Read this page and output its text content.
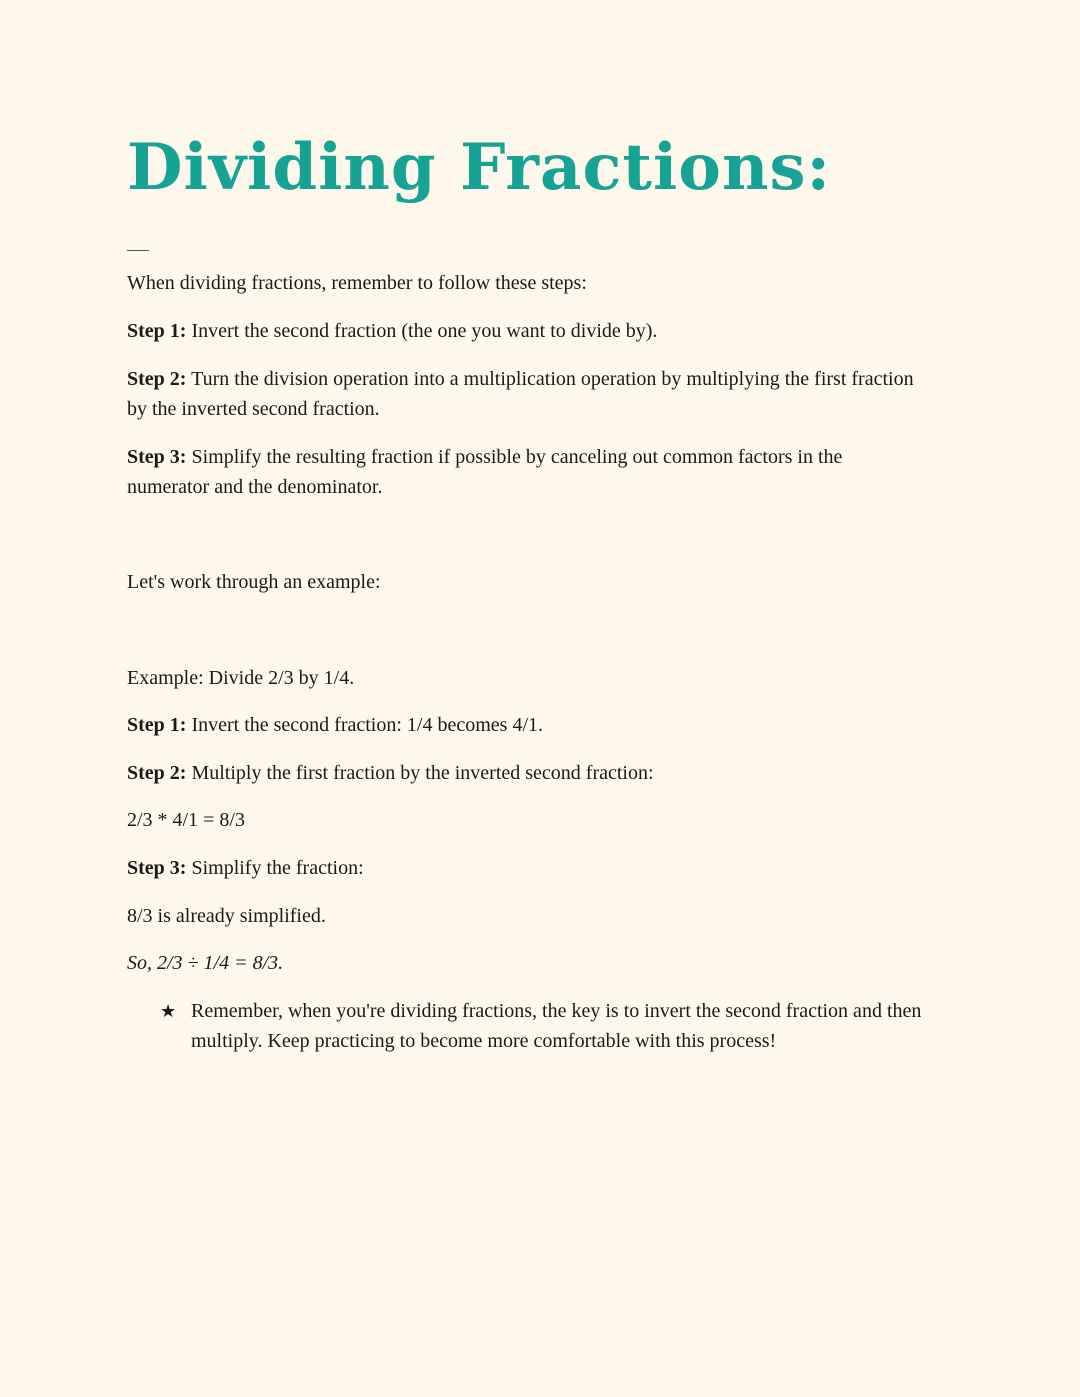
Dividing Fractions:

When dividing fractions, remember to follow these steps:

Step 1: Invert the second fraction (the one you want to divide by).

Step 2: Turn the division operation into a multiplication operation by multiplying the first fraction by the inverted second fraction.

Step 3: Simplify the resulting fraction if possible by canceling out common factors in the numerator and the denominator.

Let's work through an example:

Example: Divide 2/3 by 1/4.

Step 1: Invert the second fraction: 1/4 becomes 4/1.

Step 2: Multiply the first fraction by the inverted second fraction:

2/3 * 4/1 = 8/3

Step 3: Simplify the fraction:

8/3 is already simplified.

So, 2/3 ÷ 1/4 = 8/3.

★ Remember, when you're dividing fractions, the key is to invert the second fraction and then multiply. Keep practicing to become more comfortable with this process!
